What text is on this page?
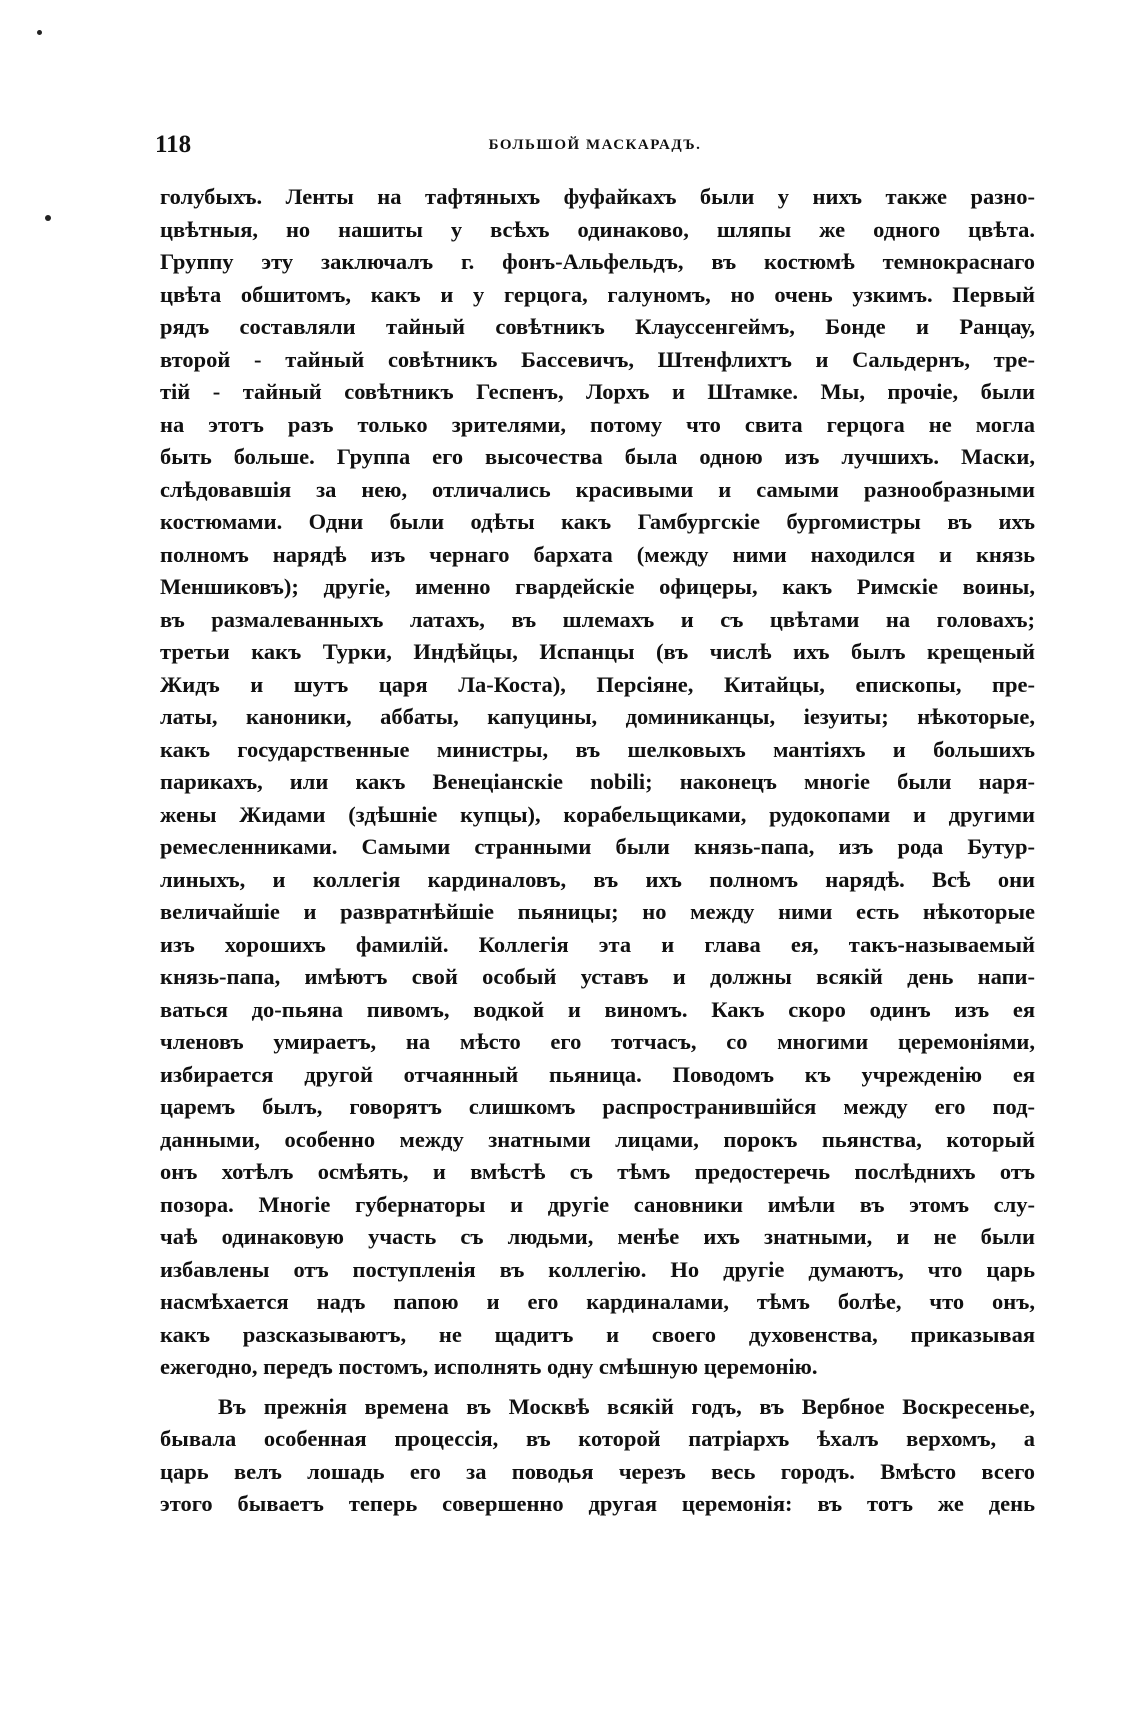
118	БОЛЬШОЙ МАСКАРАДЪ.
голубыхъ. Ленты на тафтяныхъ фуфайкахъ были у нихъ также разно-
цвѣтныя, но нашиты у всѣхъ одинаково, шляпы же одного цвѣта.
Группу эту заключалъ г. фонъ-Альфельдъ, въ костюмѣ темнокраснаго
цвѣта обшитомъ, какъ и у герцога, галуномъ, но очень узкимъ. Первый
рядъ составляли тайный совѣтникъ Клауссенгеймъ, Бонде и Ранцау,
второй - тайный совѣтникъ Бассевичъ, Штенфлихтъ и Сальдернъ, тре-
тій - тайный совѣтникъ Геспенъ, Лорхъ и Штамке. Мы, прочіе, были
на этотъ разъ только зрителями, потому что свита герцога не могла
быть больше. Группа его высочества была одною изъ лучшихъ. Маски,
слѣдовавшія за нею, отличались красивыми и самыми разнообразными
костюмами. Одни были одѣты какъ Гамбургскіе бургомистры въ ихъ
полномъ нарядѣ изъ чернаго бархата (между ними находился и князь
Меншиковъ); другіе, именно гвардейскіе офицеры, какъ Римскіе воины,
въ размалеванныхъ латахъ, въ шлемахъ и съ цвѣтами на головахъ;
третьи какъ Турки, Индѣйцы, Испанцы (въ числѣ ихъ былъ крещеный
Жидъ и шутъ царя Ла-Коста), Персіяне, Китайцы, епископы, пре-
латы, каноники, аббаты, капуцины, доминиканцы, іезуиты; нѣкоторые,
какъ государственные министры, въ шелковыхъ мантіяхъ и большихъ
парикахъ, или какъ Венеціанскіе nobili; наконецъ многіе были наря-
жены Жидами (здѣшніе купцы), корабельщиками, рудокопами и другими
ремесленниками. Самыми странными были князь-папа, изъ рода Бутур-
линыхъ, и коллегія кардиналовъ, въ ихъ полномъ нарядѣ. Всѣ они
величайшіе и развратнѣйшіе пьяницы; но между ними есть нѣкоторые
изъ хорошихъ фамилій. Коллегія эта и глава ея, такъ-называемый
князь-папа, имѣютъ свой особый уставъ и должны всякій день напи-
ваться до-пьяна пивомъ, водкой и виномъ. Какъ скоро одинъ изъ ея
членовъ умираетъ, на мѣсто его тотчасъ, со многими церемоніями,
избирается другой отчаянный пьяница. Поводомъ къ учрежденію ея
царемъ былъ, говорятъ слишкомъ распространившійся между его под-
данными, особенно между знатными лицами, порокъ пьянства, который
онъ хотѣлъ осмѣять, и вмѣстѣ съ тѣмъ предостеречь послѣднихъ отъ
позора. Многіе губернаторы и другіе сановники имѣли въ этомъ слу-
чаѣ одинаковую участь съ людьми, менѣе ихъ знатными, и не были
избавлены отъ поступленія въ коллегію. Но другіе думаютъ, что царь
насмѣхается надъ папою и его кардиналами, тѣмъ болѣе, что онъ,
какъ разсказываютъ, не щадитъ и своего духовенства, приказывая
ежегодно, передъ постомъ, исполнять одну смѣшную церемонію.
Въ прежнія времена въ Москвѣ всякій годъ, въ Вербное Воскресенье,
бывала особенная процессія, въ которой патріархъ ѣхалъ верхомъ, а
царь велъ лошадь его за поводья черезъ весь городъ. Вмѣсто всего
этого бываетъ теперь совершенно другая церемонія: въ тотъ же день
